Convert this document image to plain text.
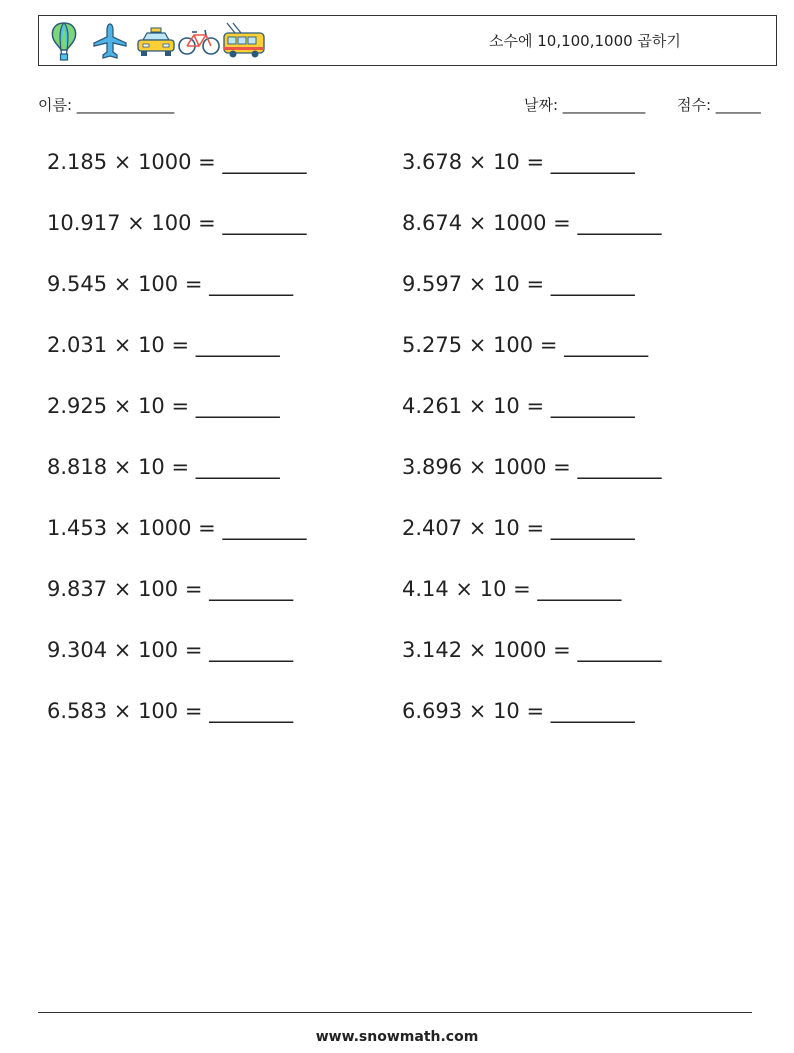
소수에 10,100,1000 곱하기
이름: _____________	날짜: ___________ 점수: ______
2.185 × 1000 = ________	3.678 × 10 = ________
10.917 × 100 = ________	8.674 × 1000 = ________
9.545 × 100 = ________	9.597 × 10 = ________
2.031 × 10 = ________	5.275 × 100 = ________
2.925 × 10 = ________	4.261 × 10 = ________
8.818 × 10 = ________	3.896 × 1000 = ________
1.453 × 1000 = ________	2.407 × 10 = ________
9.837 × 100 = ________	4.14 × 10 = ________
9.304 × 100 = ________	3.142 × 1000 = ________
6.583 × 100 = ________	6.693 × 10 = ________
www.snowmath.com
